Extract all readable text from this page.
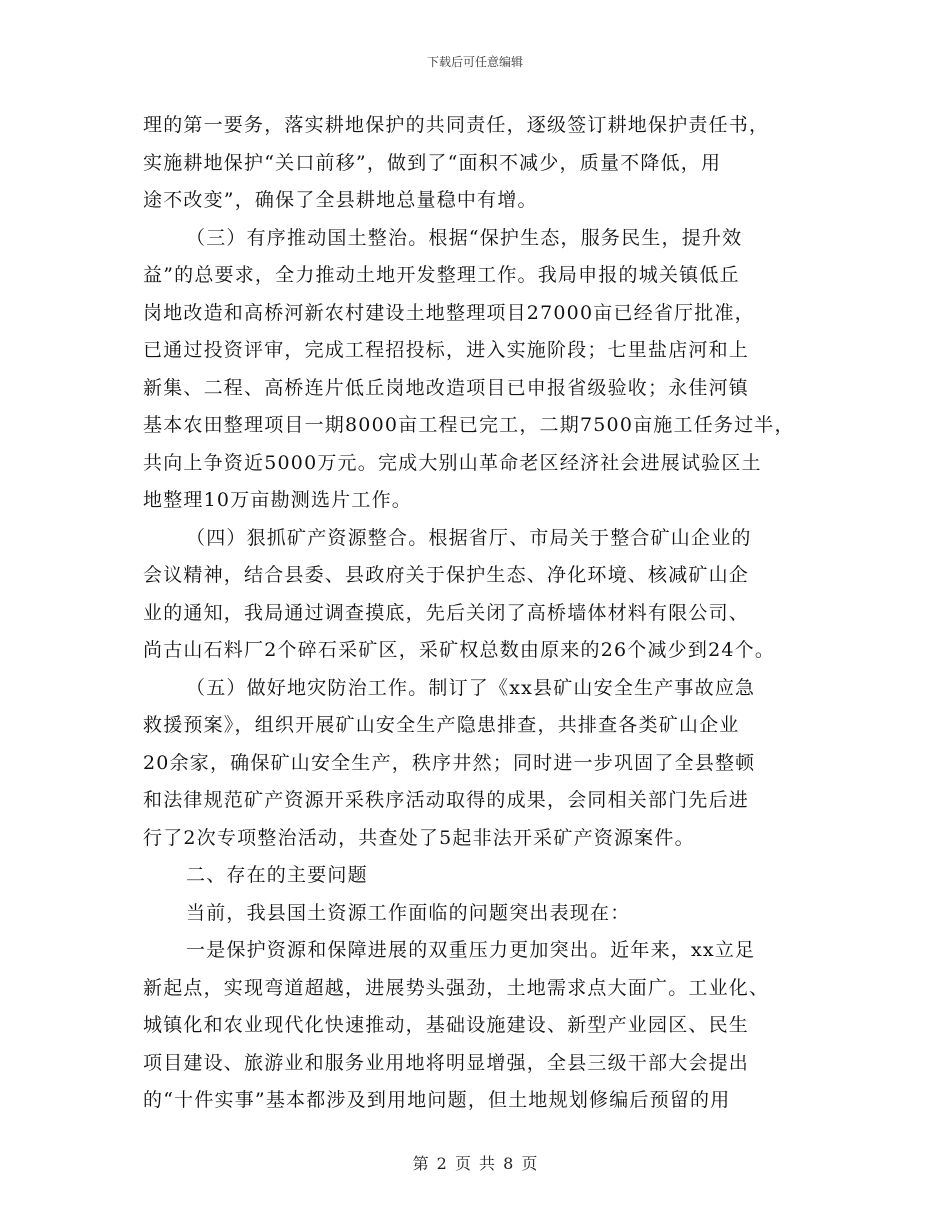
下载后可任意编辑
理的第一要务，落实耕地保护的共同责任，逐级签订耕地保护责任书，
实施耕地保护“关口前移”，做到了“面积不减少，质量不降低，用
途不改变”，确保了全县耕地总量稳中有增。
（三）有序推动国土整治。根据“保护生态，服务民生，提升效
益”的总要求，全力推动土地开发整理工作。我局申报的城关镇低丘
岗地改造和高桥河新农村建设土地整理项目27000亩已经省厅批准，
已通过投资评审，完成工程招投标，进入实施阶段；七里盐店河和上
新集、二程、高桥连片低丘岗地改造项目已申报省级验收；永佳河镇
基本农田整理项目一期8000亩工程已完工，二期7500亩施工任务过半，
共向上争资近5000万元。完成大别山革命老区经济社会进展试验区土
地整理10万亩勘测选片工作。
（四）狠抓矿产资源整合。根据省厅、市局关于整合矿山企业的
会议精神，结合县委、县政府关于保护生态、净化环境、核减矿山企
业的通知，我局通过调查摸底，先后关闭了高桥墙体材料有限公司、
尚古山石料厂2个碎石采矿区，采矿权总数由原来的26个减少到24个。
（五）做好地灾防治工作。制订了《xx县矿山安全生产事故应急
救援预案》，组织开展矿山安全生产隐患排查，共排查各类矿山企业
20余家，确保矿山安全生产，秩序井然；同时进一步巩固了全县整顿
和法律规范矿产资源开采秩序活动取得的成果，会同相关部门先后进
行了2次专项整治活动，共查处了5起非法开采矿产资源案件。
二、存在的主要问题
当前，我县国土资源工作面临的问题突出表现在：
一是保护资源和保障进展的双重压力更加突出。近年来，xx立足
新起点，实现弯道超越，进展势头强劲，土地需求点大面广。工业化、
城镇化和农业现代化快速推动，基础设施建设、新型产业园区、民生
项目建设、旅游业和服务业用地将明显增强，全县三级干部大会提出
的“十件实事”基本都涉及到用地问题，但土地规划修编后预留的用
第 2 页 共 8 页
